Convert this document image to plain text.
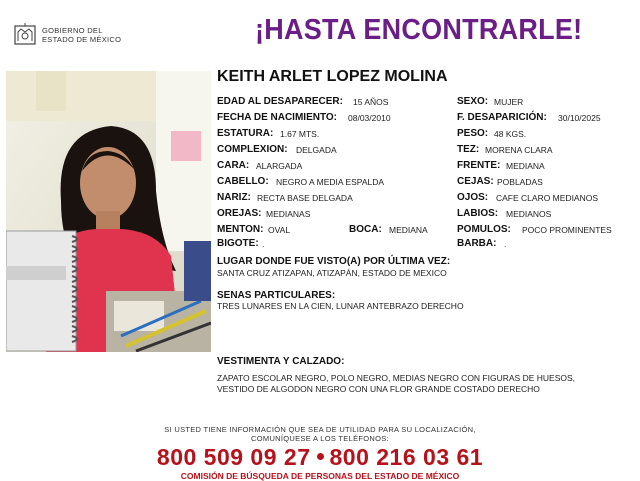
GOBIERNO DEL
ESTADO DE MÉXICO	¡HASTA ENCONTRARLE!
KEITH ARLET LOPEZ MOLINA
EDAD AL DESAPARECER: 15 AÑOS
FECHA DE NACIMIENTO: 08/03/2010
ESTATURA: 1.67 MTS.
COMPLEXION: DELGADA
CARA: ALARGADA
CABELLO: NEGRO A MEDIA ESPALDA
NARIZ: RECTA BASE DELGADA
OREJAS: MEDIANAS
MENTON: OVAL	BOCA: MEDIANA
BIGOTE: .
SEXO: MUJER
F. DESAPARICIÓN: 30/10/2025
PESO: 48 KGS.
TEZ: MORENA CLARA
FRENTE: MEDIANA
CEJAS: POBLADAS
OJOS: CAFE CLARO MEDIANOS
LABIOS: MEDIANOS
POMULOS: POCO PROMINENTES
BARBA: .
LUGAR DONDE FUE VISTO(A) POR ÚLTIMA VEZ:
SANTA CRUZ ATIZAPAN, ATIZAPÁN, ESTADO DE MEXICO
SENAS PARTICULARES:
TRES LUNARES EN LA CIEN, LUNAR ANTEBRAZO DERECHO
VESTIMENTA Y CALZADO:
ZAPATO ESCOLAR NEGRO, POLO NEGRO, MEDIAS NEGRO CON FIGURAS DE HUESOS, VESTIDO DE ALGODON NEGRO CON UNA FLOR GRANDE COSTADO DERECHO
SI USTED TIENE INFORMACIÓN QUE SEA DE UTILIDAD PARA SU LOCALIZACIÓN,
COMUNÍQUESE A LOS TELÉFONOS:
800 509 09 27 800 216 03 61
COMISIÓN DE BÚSQUEDA DE PERSONAS DEL ESTADO DE MÉXICO
